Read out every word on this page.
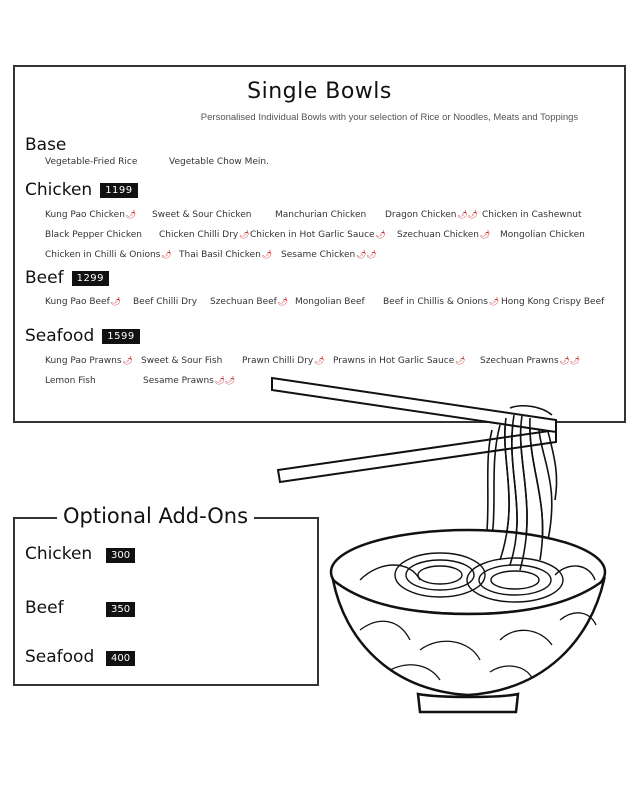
Single Bowls
Personalised Individual Bowls with your selection of Rice or Noodles, Meats and Toppings
Base
Vegetable-Fried Rice	Vegetable Chow Mein.
Chicken	1199
Kung Pao Chicken🌶 Sweet & Sour Chicken	Manchurian Chicken Dragon Chicken🌶🌶 Chicken in Cashewnut
Black Pepper Chicken Chicken Chilli Dry🌶 Chicken in Hot Garlic Sauce🌶 Szechuan Chicken🌶 Mongolian Chicken
Chicken in Chilli & Onions🌶 Thai Basil Chicken🌶 Sesame Chicken🌶🌶
Beef	1299
Kung Pao Beef🌶 Beef Chilli Dry Szechuan Beef🌶 Mongolian Beef Beef in Chillis & Onions🌶 Hong Kong Crispy Beef
Seafood	1599
Kung Pao Prawns🌶 Sweet & Sour Fish Prawn Chilli Dry🌶 Prawns in Hot Garlic Sauce🌶 Szechuan Prawns🌶🌶
Lemon Fish	Sesame Prawns🌶🌶
Optional Add-Ons
Chicken	300
Beef	350
Seafood	400
